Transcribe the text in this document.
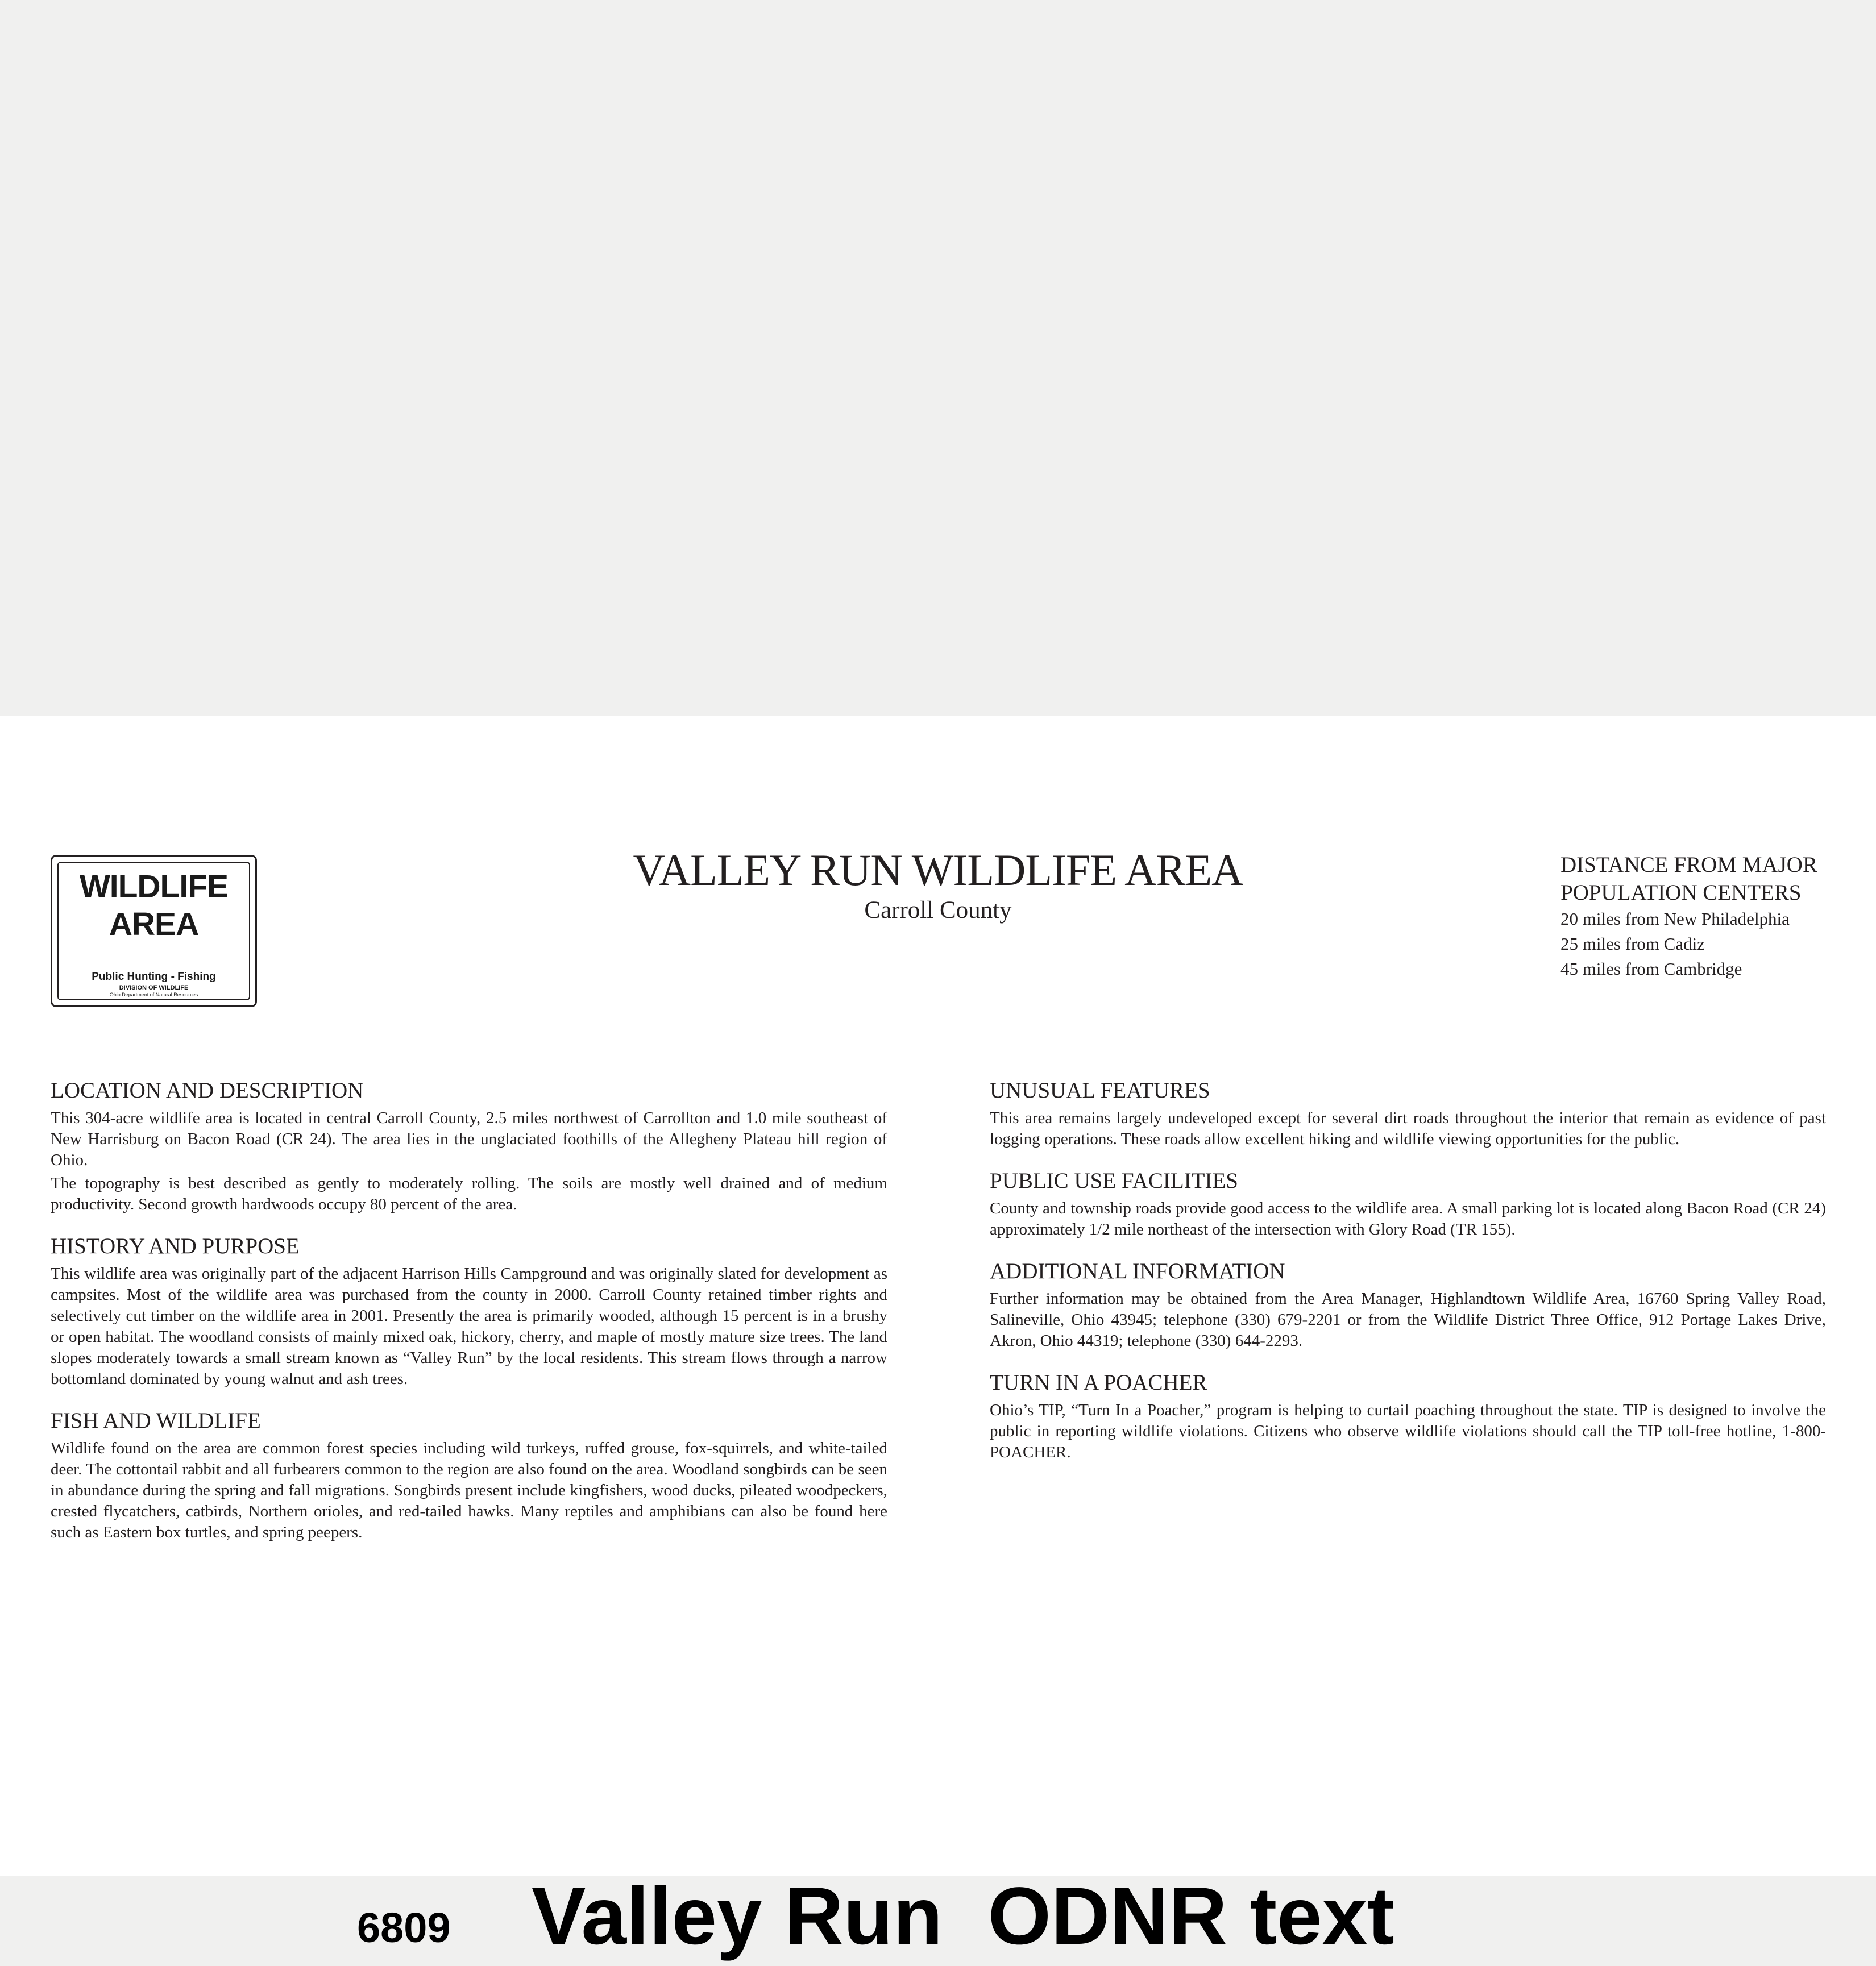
WILDLIFE
AREA
Public Hunting - Fishing
DIVISION OF WILDLIFE
Ohio Department of Natural Resources
VALLEY RUN WILDLIFE AREA
Carroll County
DISTANCE FROM MAJOR
POPULATION CENTERS
20 miles from New Philadelphia
25 miles from Cadiz
45 miles from Cambridge
LOCATION AND DESCRIPTION

This 304-acre wildlife area is located in central Carroll County, 2.5 miles northwest of Carrollton and 1.0 mile southeast of New Harrisburg on Bacon Road (CR 24). The area lies in the unglaciated foothills of the Allegheny Plateau hill region of Ohio.

The topography is best described as gently to moderately rolling. The soils are mostly well drained and of medium productivity. Second growth hardwoods occupy 80 percent of the area.

HISTORY AND PURPOSE

This wildlife area was originally part of the adjacent Harrison Hills Campground and was originally slated for development as campsites. Most of the wildlife area was purchased from the county in 2000. Carroll County retained timber rights and selectively cut timber on the wildlife area in 2001. Presently the area is primarily wooded, although 15 percent is in a brushy or open habitat. The woodland consists of mainly mixed oak, hickory, cherry, and maple of mostly mature size trees. The land slopes moderately towards a small stream known as “Valley Run” by the local residents. This stream flows through a narrow bottomland dominated by young walnut and ash trees.

FISH AND WILDLIFE

Wildlife found on the area are common forest species including wild turkeys, ruffed grouse, fox-squirrels, and white-tailed deer. The cottontail rabbit and all furbearers common to the region are also found on the area. Woodland songbirds can be seen in abundance during the spring and fall migrations. Songbirds present include kingfishers, wood ducks, pileated woodpeckers, crested flycatchers, catbirds, Northern orioles, and red-tailed hawks. Many reptiles and amphibians can also be found here such as Eastern box turtles, and spring peepers.

UNUSUAL FEATURES

This area remains largely undeveloped except for several dirt roads throughout the interior that remain as evidence of past logging operations. These roads allow excellent hiking and wildlife viewing opportunities for the public.

PUBLIC USE FACILITIES

County and township roads provide good access to the wildlife area. A small parking lot is located along Bacon Road (CR 24) approximately 1/2 mile northeast of the intersection with Glory Road (TR 155).

ADDITIONAL INFORMATION

Further information may be obtained from the Area Manager, Highlandtown Wildlife Area, 16760 Spring Valley Road, Salineville, Ohio 43945; telephone (330) 679-2201 or from the Wildlife District Three Office, 912 Portage Lakes Drive, Akron, Ohio 44319; telephone (330) 644-2293.

TURN IN A POACHER

Ohio’s TIP, “Turn In a Poacher,” program is helping to curtail poaching throughout the state. TIP is designed to involve the public in reporting wildlife violations. Citizens who observe wildlife violations should call the TIP toll-free hotline, 1-800-POACHER.

6809 Valley Run  ODNR text
